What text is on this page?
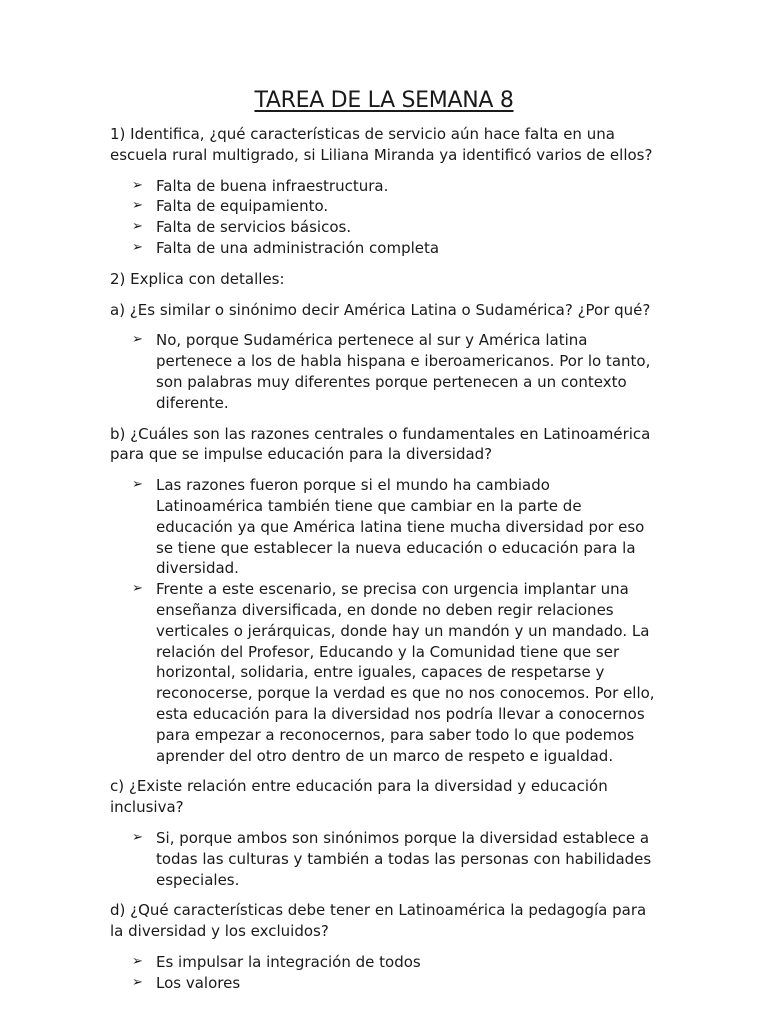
TAREA DE LA SEMANA 8

1) Identifica, ¿qué características de servicio aún hace falta en una escuela rural multigrado, si Liliana Miranda ya identificó varios de ellos?

➢ Falta de buena infraestructura.
➢ Falta de equipamiento.
➢ Falta de servicios básicos.
➢ Falta de una administración completa

2) Explica con detalles:

a) ¿Es similar o sinónimo decir América Latina o Sudamérica? ¿Por qué?

➢ No, porque Sudamérica pertenece al sur y América latina pertenece a los de habla hispana e iberoamericanos. Por lo tanto, son palabras muy diferentes porque pertenecen a un contexto diferente.

b) ¿Cuáles son las razones centrales o fundamentales en Latinoamérica para que se impulse educación para la diversidad?

➢ Las razones fueron porque si el mundo ha cambiado Latinoamérica también tiene que cambiar en la parte de educación ya que América latina tiene mucha diversidad por eso se tiene que establecer la nueva educación o educación para la diversidad.
➢ Frente a este escenario, se precisa con urgencia implantar una enseñanza diversificada, en donde no deben regir relaciones verticales o jerárquicas, donde hay un mandón y un mandado. La relación del Profesor, Educando y la Comunidad tiene que ser horizontal, solidaria, entre iguales, capaces de respetarse y reconocerse, porque la verdad es que no nos conocemos. Por ello, esta educación para la diversidad nos podría llevar a conocernos para empezar a reconocernos, para saber todo lo que podemos aprender del otro dentro de un marco de respeto e igualdad.

c) ¿Existe relación entre educación para la diversidad y educación inclusiva?

➢ Si, porque ambos son sinónimos porque la diversidad establece a todas las culturas y también a todas las personas con habilidades especiales.

d) ¿Qué características debe tener en Latinoamérica la pedagogía para la diversidad y los excluidos?

➢ Es impulsar la integración de todos
➢ Los valores
